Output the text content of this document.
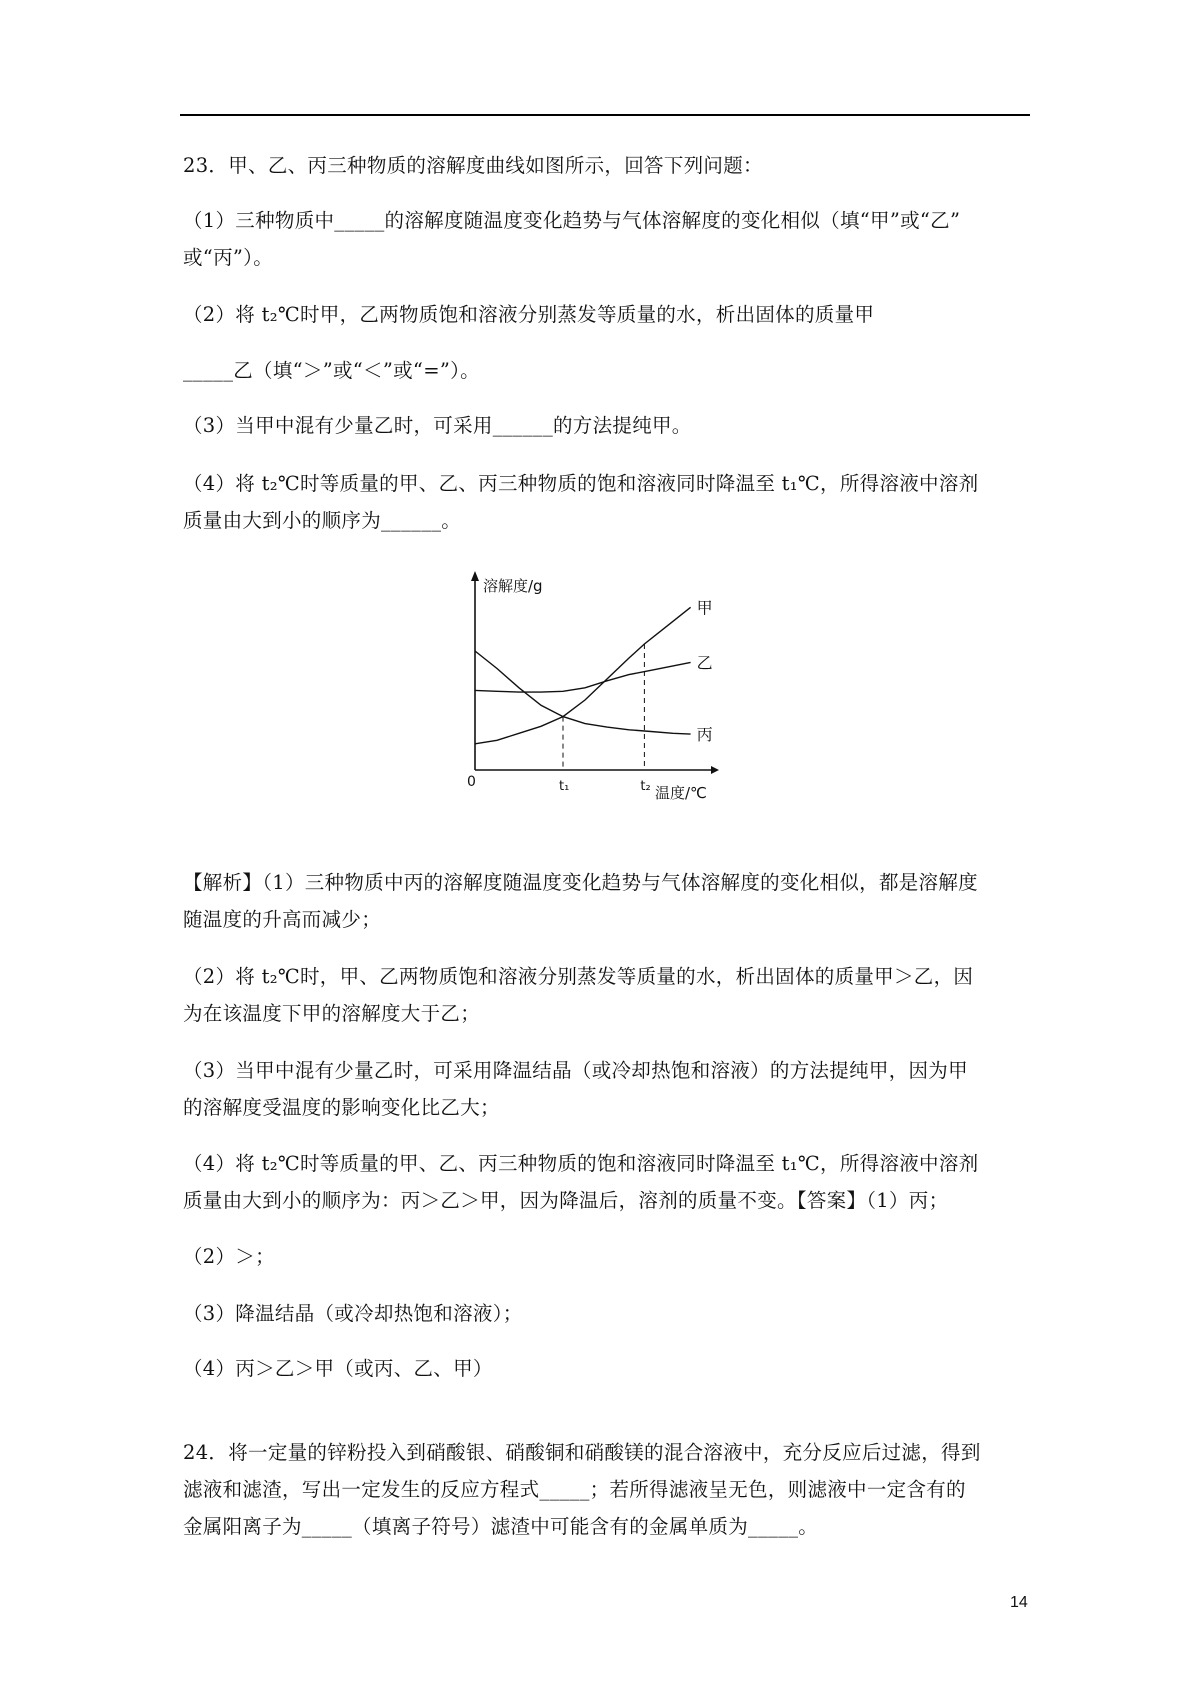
23．甲、乙、丙三种物质的溶解度曲线如图所示，回答下列问题：
（1）三种物质中_____的溶解度随温度变化趋势与气体溶解度的变化相似（填“甲”或“乙”
或“丙”）。
（2）将 t₂℃时甲，乙两物质饱和溶液分别蒸发等质量的水，析出固体的质量甲
_____乙（填“＞”或“＜”或“=”）。
（3）当甲中混有少量乙时，可采用______的方法提纯甲。
（4）将 t₂℃时等质量的甲、乙、丙三种物质的饱和溶液同时降温至 t₁℃，所得溶液中溶剂
质量由大到小的顺序为______。
溶解度/g
温度/℃
0	t₁	t₂
甲
乙
丙
【解析】（1）三种物质中丙的溶解度随温度变化趋势与气体溶解度的变化相似，都是溶解度
随温度的升高而减少；
（2）将 t₂℃时，甲、乙两物质饱和溶液分别蒸发等质量的水，析出固体的质量甲＞乙，因
为在该温度下甲的溶解度大于乙；
（3）当甲中混有少量乙时，可采用降温结晶（或冷却热饱和溶液）的方法提纯甲，因为甲
的溶解度受温度的影响变化比乙大；
（4）将 t₂℃时等质量的甲、乙、丙三种物质的饱和溶液同时降温至 t₁℃，所得溶液中溶剂
质量由大到小的顺序为：丙＞乙＞甲，因为降温后，溶剂的质量不变。【答案】（1）丙；
（2）＞；
（3）降温结晶（或冷却热饱和溶液）；
（4）丙＞乙＞甲（或丙、乙、甲）
24．将一定量的锌粉投入到硝酸银、硝酸铜和硝酸镁的混合溶液中，充分反应后过滤，得到
滤液和滤渣，写出一定发生的反应方程式_____；若所得滤液呈无色，则滤液中一定含有的
金属阳离子为_____（填离子符号）滤渣中可能含有的金属单质为_____。
14
